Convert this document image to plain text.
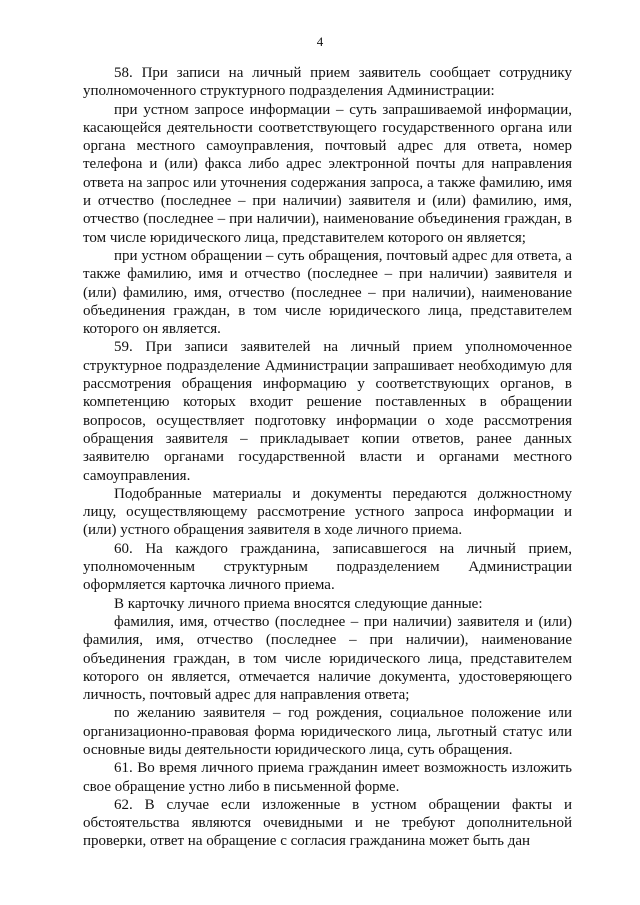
4

58. При записи на личный прием заявитель сообщает сотруднику уполномоченного структурного подразделения Администрации:

при устном запросе информации – суть запрашиваемой информации, касающейся деятельности соответствующего государственного органа или органа местного самоуправления, почтовый адрес для ответа, номер телефона и (или) факса либо адрес электронной почты для направления ответа на запрос или уточнения содержания запроса, а также фамилию, имя и отчество (последнее – при наличии) заявителя и (или) фамилию, имя, отчество (последнее – при наличии), наименование объединения граждан, в том числе юридического лица, представителем которого он является;

при устном обращении – суть обращения, почтовый адрес для ответа, а также фамилию, имя и отчество (последнее – при наличии) заявителя и (или) фамилию, имя, отчество (последнее – при наличии), наименование объединения граждан, в том числе юридического лица, представителем которого он является.

59. При записи заявителей на личный прием уполномоченное структурное подразделение Администрации запрашивает необходимую для рассмотрения обращения информацию у соответствующих органов, в компетенцию которых входит решение поставленных в обращении вопросов, осуществляет подготовку информации о ходе рассмотрения обращения заявителя – прикладывает копии ответов, ранее данных заявителю органами государственной власти и органами местного самоуправления.

Подобранные материалы и документы передаются должностному лицу, осуществляющему рассмотрение устного запроса информации и (или) устного обращения заявителя в ходе личного приема.

60. На каждого гражданина, записавшегося на личный прием, уполномоченным структурным подразделением Администрации оформляется карточка личного приема.

В карточку личного приема вносятся следующие данные:

фамилия, имя, отчество (последнее – при наличии) заявителя и (или) фамилия, имя, отчество (последнее – при наличии), наименование объединения граждан, в том числе юридического лица, представителем которого он является, отмечается наличие документа, удостоверяющего личность, почтовый адрес для направления ответа;

по желанию заявителя – год рождения, социальное положение или организационно-правовая форма юридического лица, льготный статус или основные виды деятельности юридического лица, суть обращения.

61. Во время личного приема гражданин имеет возможность изложить свое обращение устно либо в письменной форме.

62. В случае если изложенные в устном обращении факты и обстоятельства являются очевидными и не требуют дополнительной проверки, ответ на обращение с согласия гражданина может быть дан
